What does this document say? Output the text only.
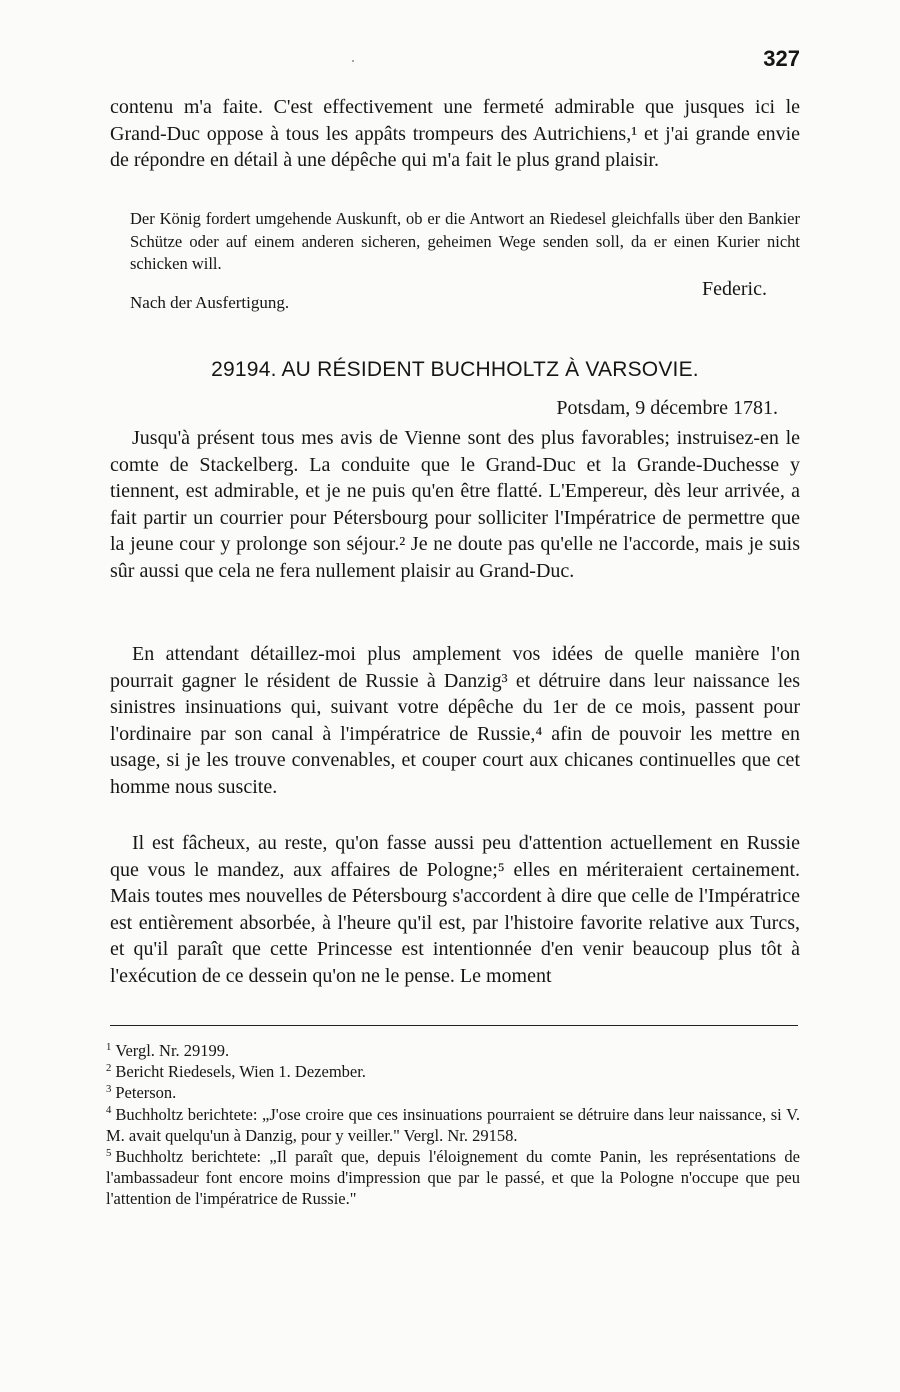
327

contenu m'a faite. C'est effectivement une fermeté admirable que jusques ici le Grand-Duc oppose à tous les appâts trompeurs des Autrichiens,¹ et j'ai grande envie de répondre en détail à une dépêche qui m'a fait le plus grand plaisir.

Der König fordert umgehende Auskunft, ob er die Antwort an Riedesel gleichfalls über den Bankier Schütze oder auf einem anderen sicheren, geheimen Wege senden soll, da er einen Kurier nicht schicken will.

Nach der Ausfertigung.
Federic.
29194. AU RÉSIDENT BUCHHOLTZ À VARSOVIE.
Potsdam, 9 décembre 1781.

Jusqu'à présent tous mes avis de Vienne sont des plus favorables; instruisez-en le comte de Stackelberg. La conduite que le Grand-Duc et la Grande-Duchesse y tiennent, est admirable, et je ne puis qu'en être flatté. L'Empereur, dès leur arrivée, a fait partir un courrier pour Pétersbourg pour solliciter l'Impératrice de permettre que la jeune cour y prolonge son séjour.² Je ne doute pas qu'elle ne l'accorde, mais je suis sûr aussi que cela ne fera nullement plaisir au Grand-Duc.

En attendant détaillez-moi plus amplement vos idées de quelle manière l'on pourrait gagner le résident de Russie à Danzig³ et détruire dans leur naissance les sinistres insinuations qui, suivant votre dépêche du 1er de ce mois, passent pour l'ordinaire par son canal à l'impératrice de Russie,⁴ afin de pouvoir les mettre en usage, si je les trouve convenables, et couper court aux chicanes continuelles que cet homme nous suscite.

Il est fâcheux, au reste, qu'on fasse aussi peu d'attention actuellement en Russie que vous le mandez, aux affaires de Pologne;⁵ elles en mériteraient certainement. Mais toutes mes nouvelles de Pétersbourg s'accordent à dire que celle de l'Impératrice est entièrement absorbée, à l'heure qu'il est, par l'histoire favorite relative aux Turcs, et qu'il paraît que cette Princesse est intentionnée d'en venir beaucoup plus tôt à l'exécution de ce dessein qu'on ne le pense. Le moment

$^1$ Vergl. Nr. 29199.

$^2$ Bericht Riedesels, Wien 1. Dezember.

$^3$ Peterson.

$^4$ Buchholtz berichtete: „J'ose croire que ces insinuations pourraient se détruire dans leur naissance, si V. M. avait quelqu'un à Danzig, pour y veiller." Vergl. Nr. 29158.

$^5$ Buchholtz berichtete: „Il paraît que, depuis l'éloignement du comte Panin, les représentations de l'ambassadeur font encore moins d'impression que par le passé, et que la Pologne n'occupe que peu l'attention de l'impératrice de Russie."
